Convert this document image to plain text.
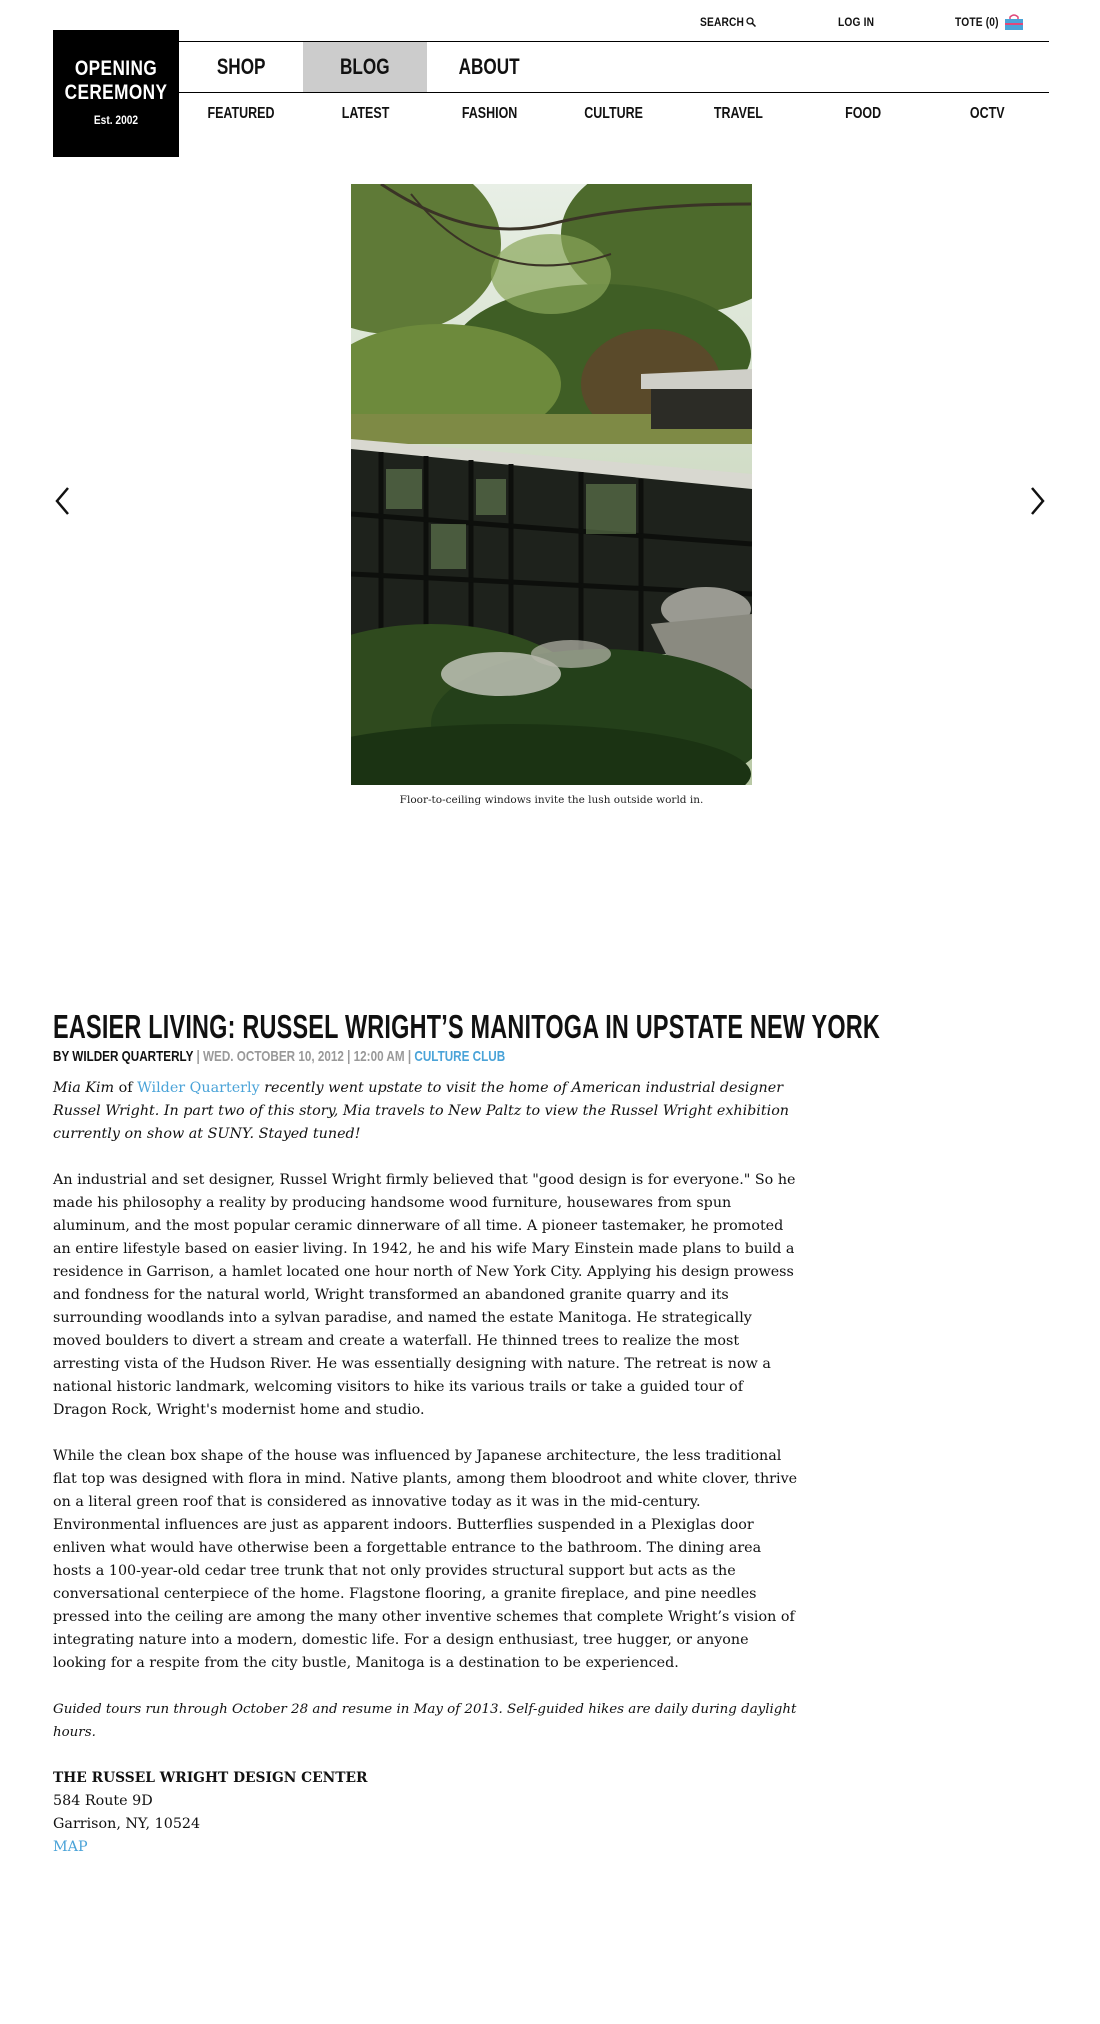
OPENING
CEREMONY
Est. 2002
SEARCH	LOG IN	TOTE (0)
SHOP	BLOG	ABOUT
FEATURED	LATEST	FASHION	CULTURE	TRAVEL	FOOD	OCTV
Floor-to-ceiling windows invite the lush outside world in.
EASIER LIVING: RUSSEL WRIGHT’S MANITOGA IN UPSTATE NEW YORK
BY WILDER QUARTERLY | WED. OCTOBER 10, 2012 | 12:00 AM | CULTURE CLUB

Mia Kim of Wilder Quarterly recently went upstate to visit the home of American industrial designer Russel Wright. In part two of this story, Mia travels to New Paltz to view the Russel Wright exhibition currently on show at SUNY. Stayed tuned!

An industrial and set designer, Russel Wright firmly believed that "good design is for everyone." So he made his philosophy a reality by producing handsome wood furniture, housewares from spun aluminum, and the most popular ceramic dinnerware of all time. A pioneer tastemaker, he promoted an entire lifestyle based on easier living. In 1942, he and his wife Mary Einstein made plans to build a residence in Garrison, a hamlet located one hour north of New York City. Applying his design prowess and fondness for the natural world, Wright transformed an abandoned granite quarry and its surrounding woodlands into a sylvan paradise, and named the estate Manitoga. He strategically moved boulders to divert a stream and create a waterfall. He thinned trees to realize the most arresting vista of the Hudson River. He was essentially designing with nature. The retreat is now a national historic landmark, welcoming visitors to hike its various trails or take a guided tour of Dragon Rock, Wright's modernist home and studio.

While the clean box shape of the house was influenced by Japanese architecture, the less traditional flat top was designed with flora in mind. Native plants, among them bloodroot and white clover, thrive on a literal green roof that is considered as innovative today as it was in the mid-century. Environmental influences are just as apparent indoors. Butterflies suspended in a Plexiglas door enliven what would have otherwise been a forgettable entrance to the bathroom. The dining area hosts a 100-year-old cedar tree trunk that not only provides structural support but acts as the conversational centerpiece of the home. Flagstone flooring, a granite fireplace, and pine needles pressed into the ceiling are among the many other inventive schemes that complete Wright’s vision of integrating nature into a modern, domestic life. For a design enthusiast, tree hugger, or anyone looking for a respite from the city bustle, Manitoga is a destination to be experienced.

Guided tours run through October 28 and resume in May of 2013. Self-guided hikes are daily during daylight hours.

THE RUSSEL WRIGHT DESIGN CENTER

584 Route 9D

Garrison, NY, 10524

MAP
